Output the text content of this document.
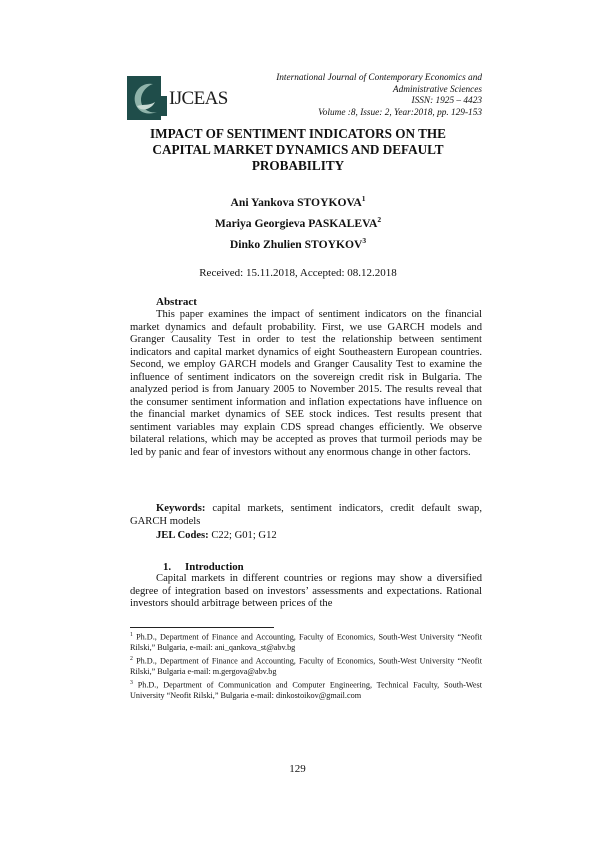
IJCEAS
International Journal of Contemporary Economics and
Administrative Sciences
ISSN: 1925 – 4423
Volume :8, Issue: 2, Year:2018, pp. 129-153
IMPACT OF SENTIMENT INDICATORS ON THE
CAPITAL MARKET DYNAMICS AND DEFAULT
PROBABILITY
Ani Yankova STOYKOVA$^1$
Mariya Georgieva PASKALEVA$^2$
Dinko Zhulien STOYKOV$^3$
Received: 15.11.2018, Accepted: 08.12.2018
Abstract
This paper examines the impact of sentiment indicators on the financial market dynamics and default probability. First, we use GARCH models and Granger Causality Test in order to test the relationship between sentiment indicators and capital market dynamics of eight Southeastern European countries. Second, we employ GARCH models and Granger Causality Test to examine the influence of sentiment indicators on the sovereign credit risk in Bulgaria. The analyzed period is from January 2005 to November 2015. The results reveal that the consumer sentiment information and inflation expectations have influence on the financial market dynamics of SEE stock indices. Test results present that sentiment variables may explain CDS spread changes efficiently. We observe bilateral relations, which may be accepted as proves that turmoil periods may be led by panic and fear of investors without any enormous change in other factors.
Keywords: capital markets, sentiment indicators, credit default swap, GARCH models
JEL Codes: C22; G01; G12
1. Introduction
Capital markets in different countries or regions may show a diversified degree of integration based on investors’ assessments and expectations. Rational investors should arbitrage between prices of the
$^1$ Ph.D., Department of Finance and Accounting, Faculty of Economics, South-West University “Neofit Rilski,” Bulgaria, e-mail: ani_qankova_st@abv.bg
$^2$ Ph.D., Department of Finance and Accounting, Faculty of Economics, South-West University “Neofit Rilski,” Bulgaria e-mail: m.gergova@abv.bg
$^3$ Ph.D., Department of Communication and Computer Engineering, Technical Faculty, South-West University “Neofit Rilski,” Bulgaria e-mail: dinkostoikov@gmail.com
129
